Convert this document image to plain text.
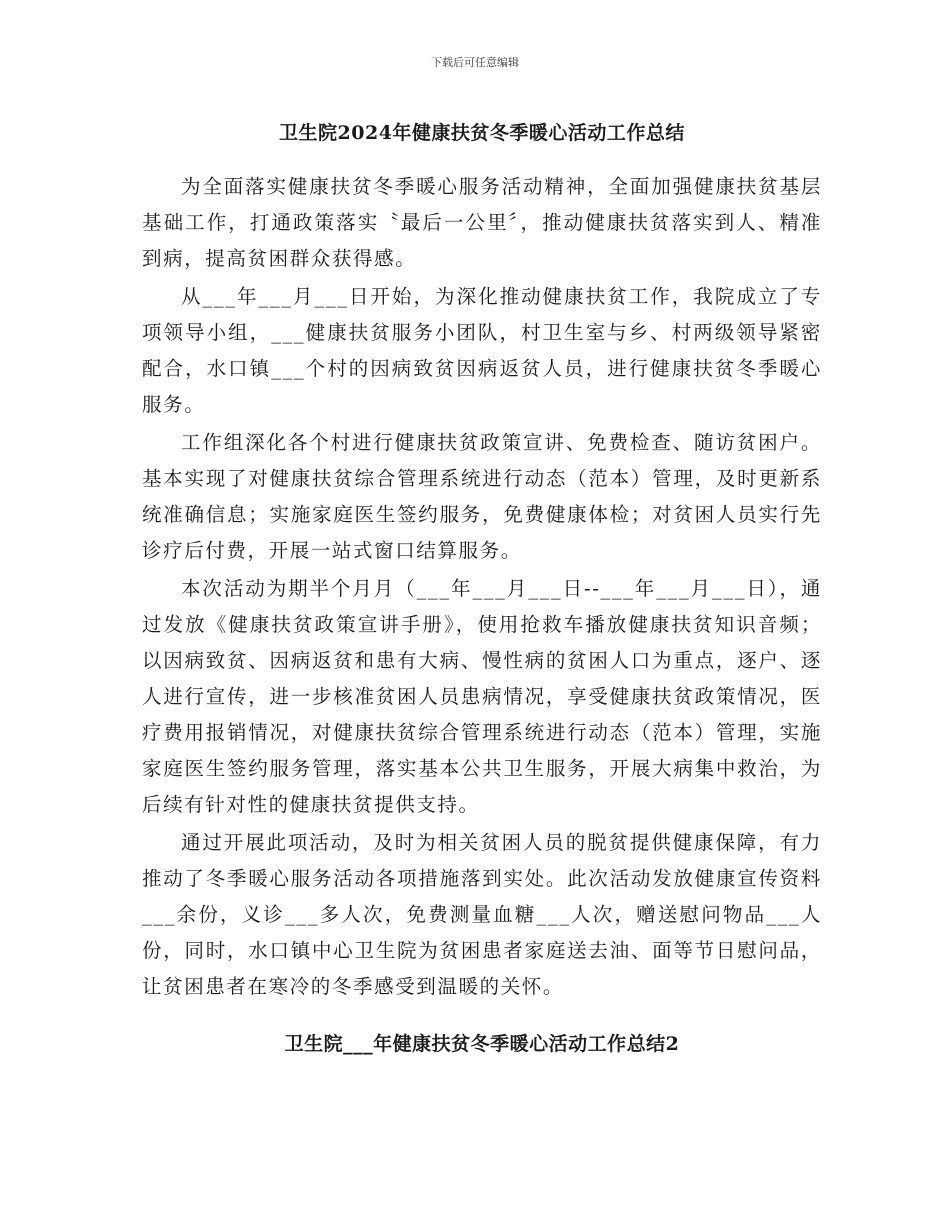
下载后可任意编辑
卫生院2024年健康扶贫冬季暖心活动工作总结

为全面落实健康扶贫冬季暖心服务活动精神，全面加强健康扶贫基层基础工作，打通政策落实〝最后一公里〞，推动健康扶贫落实到人、精准到病，提高贫困群众获得感。

从___年___月___日开始，为深化推动健康扶贫工作，我院成立了专项领导小组，___健康扶贫服务小团队，村卫生室与乡、村两级领导紧密配合，水口镇___个村的因病致贫因病返贫人员，进行健康扶贫冬季暖心服务。

工作组深化各个村进行健康扶贫政策宣讲、免费检查、随访贫困户。基本实现了对健康扶贫综合管理系统进行动态（范本）管理，及时更新系统准确信息；实施家庭医生签约服务，免费健康体检；对贫困人员实行先诊疗后付费，开展一站式窗口结算服务。

本次活动为期半个月月（___年___月___日--___年___月___日），通过发放《健康扶贫政策宣讲手册》，使用抢救车播放健康扶贫知识音频；以因病致贫、因病返贫和患有大病、慢性病的贫困人口为重点，逐户、逐人进行宣传，进一步核准贫困人员患病情况，享受健康扶贫政策情况，医疗费用报销情况，对健康扶贫综合管理系统进行动态（范本）管理，实施家庭医生签约服务管理，落实基本公共卫生服务，开展大病集中救治，为后续有针对性的健康扶贫提供支持。

通过开展此项活动，及时为相关贫困人员的脱贫提供健康保障，有力推动了冬季暖心服务活动各项措施落到实处。此次活动发放健康宣传资料___余份，义诊___多人次，免费测量血糖___人次，赠送慰问物品___人份，同时，水口镇中心卫生院为贫困患者家庭送去油、面等节日慰问品，让贫困患者在寒冷的冬季感受到温暖的关怀。

卫生院___年健康扶贫冬季暖心活动工作总结2
